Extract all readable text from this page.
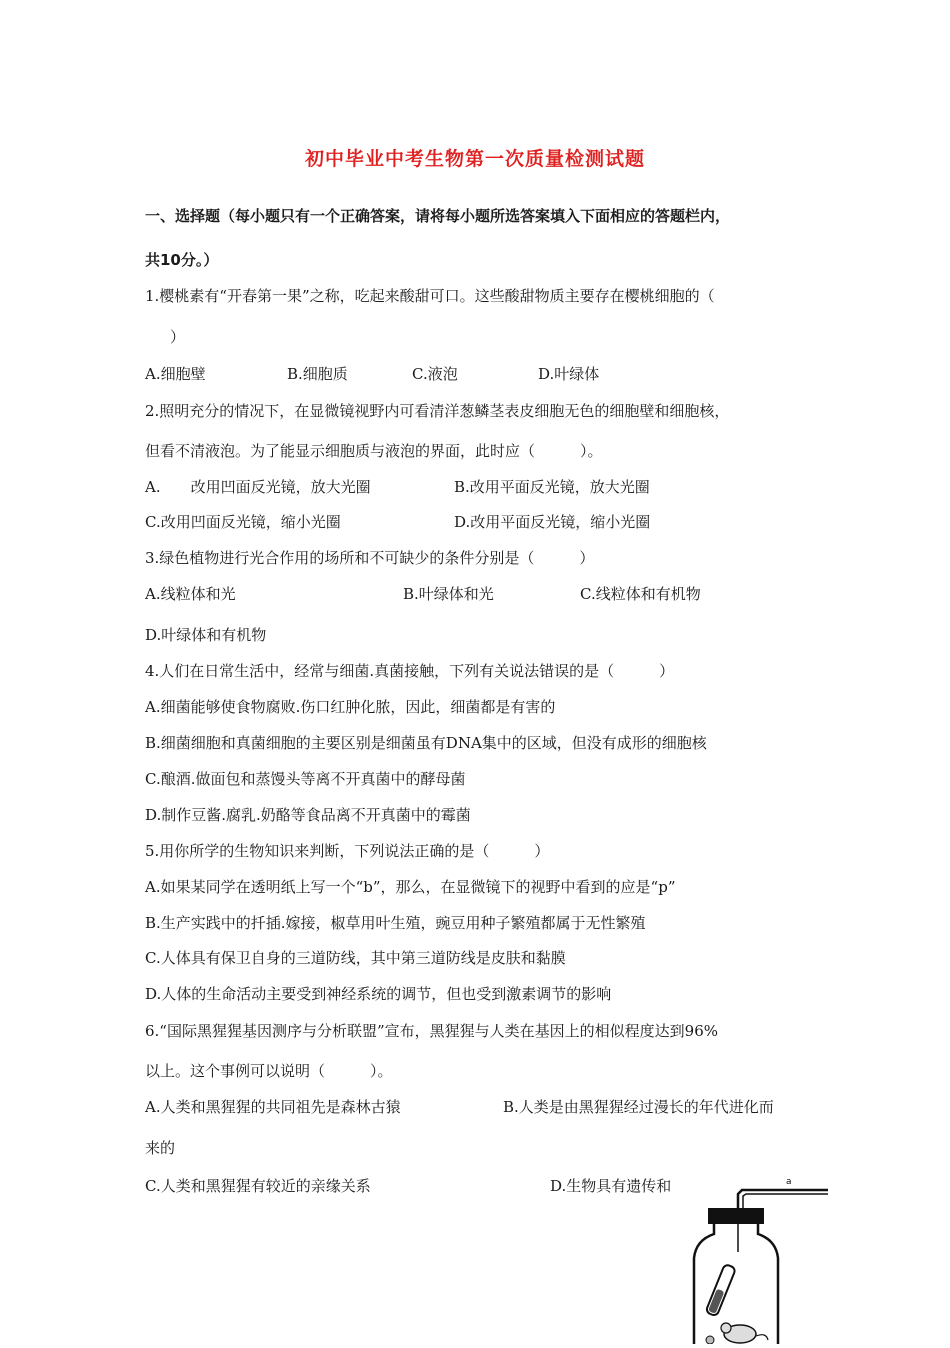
初中毕业中考生物第一次质量检测试题
一、选择题（每小题只有一个正确答案，请将每小题所选答案填入下面相应的答题栏内，
共10分。）
1.樱桃素有“开春第一果”之称，吃起来酸甜可口。这些酸甜物质主要存在樱桃细胞的（
）
A.细胞壁	B.细胞质	C.液泡	D.叶绿体
2.照明充分的情况下，在显微镜视野内可看清洋葱鳞茎表皮细胞无色的细胞壁和细胞核，
但看不清液泡。为了能显示细胞质与液泡的界面，此时应（　　　）。
A.　　改用凹面反光镜，放大光圈	B.改用平面反光镜，放大光圈
C.改用凹面反光镜，缩小光圈	D.改用平面反光镜，缩小光圈
3.绿色植物进行光合作用的场所和不可缺少的条件分别是（　　　）
A.线粒体和光	B.叶绿体和光	C.线粒体和有机物
D.叶绿体和有机物
4.人们在日常生活中，经常与细菌.真菌接触，下列有关说法错误的是（　　　）
A.细菌能够使食物腐败.伤口红肿化脓，因此，细菌都是有害的
B.细菌细胞和真菌细胞的主要区别是细菌虽有DNA集中的区域，但没有成形的细胞核
C.酿酒.做面包和蒸馒头等离不开真菌中的酵母菌
D.制作豆酱.腐乳.奶酪等食品离不开真菌中的霉菌
5.用你所学的生物知识来判断，下列说法正确的是（　　　）
A.如果某同学在透明纸上写一个“b”，那么，在显微镜下的视野中看到的应是“p”
B.生产实践中的扦插.嫁接，椒草用叶生殖，豌豆用种子繁殖都属于无性繁殖
C.人体具有保卫自身的三道防线，其中第三道防线是皮肤和黏膜
D.人体的生命活动主要受到神经系统的调节，但也受到激素调节的影响
6.“国际黑猩猩基因测序与分析联盟”宣布，黑猩猩与人类在基因上的相似程度达到96%
以上。这个事例可以说明（　　　）。
A.人类和黑猩猩的共同祖先是森林古猿	B.人类是由黑猩猩经过漫长的年代进化而
来的
C.人类和黑猩猩有较近的亲缘关系	D.生物具有遗传和	a
